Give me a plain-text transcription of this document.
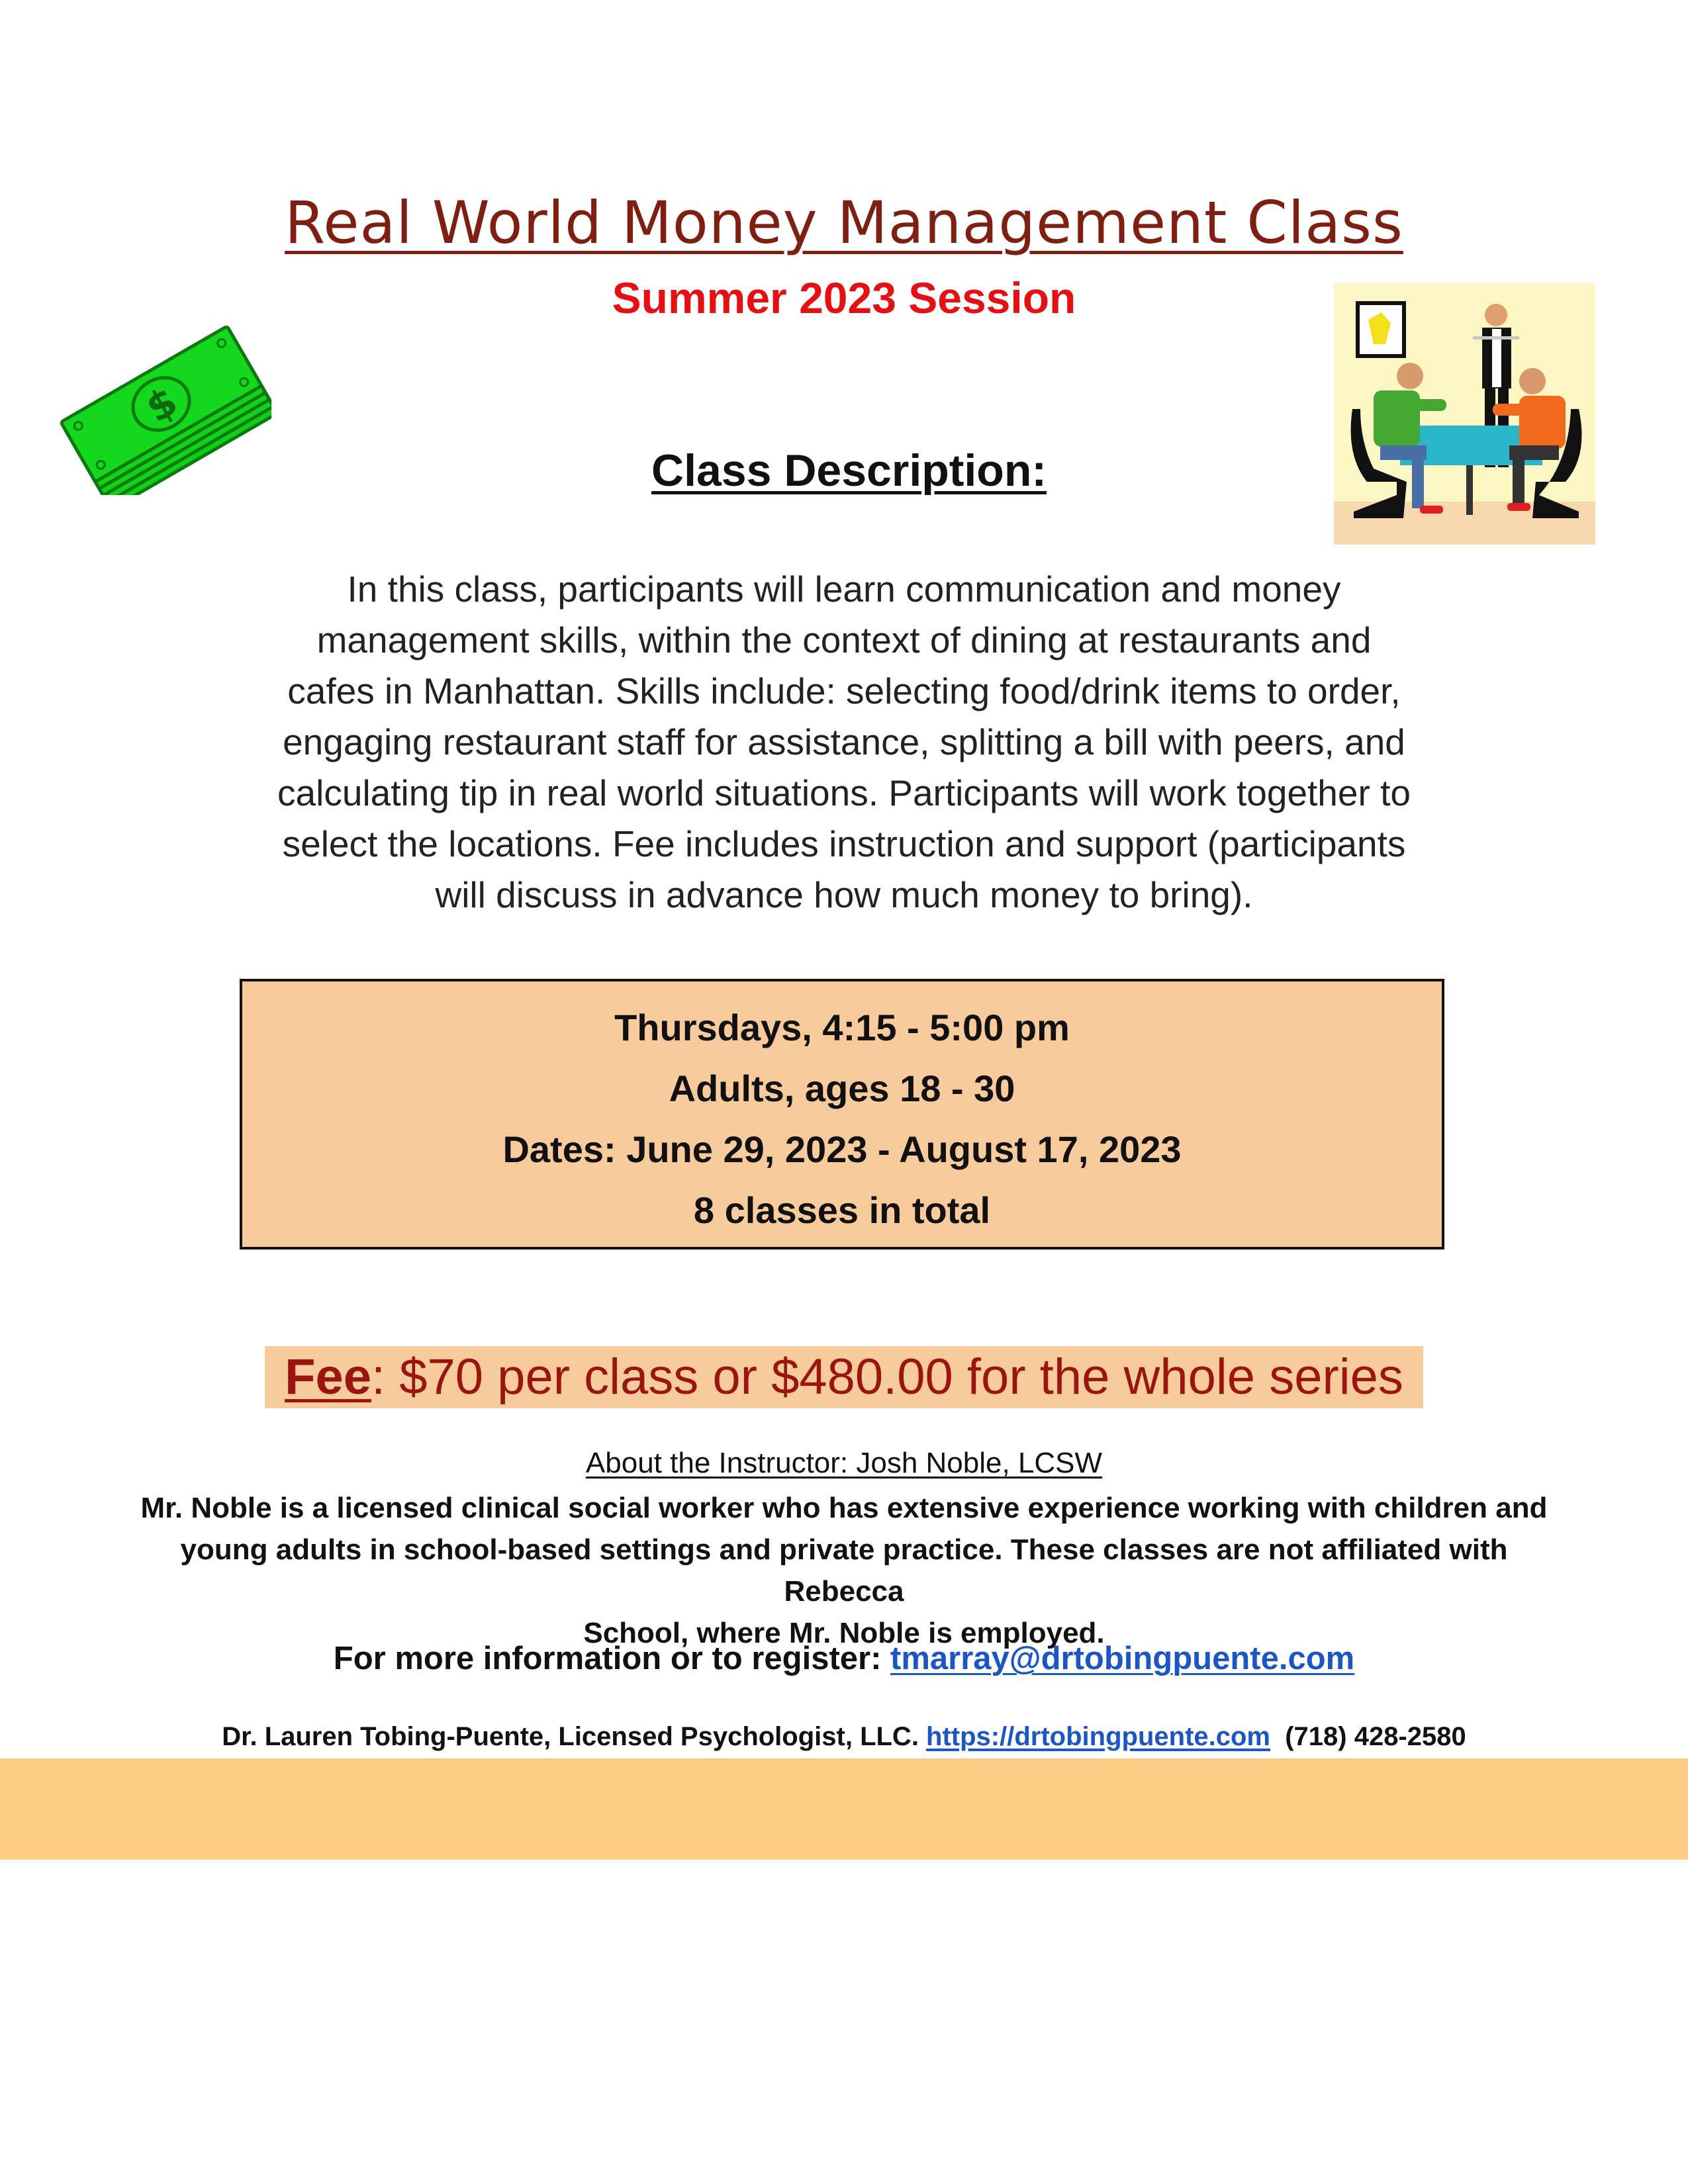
Real World Money Management Class
Summer 2023 Session
$
Class Description:
In this class, participants will learn communication and money
management skills, within the context of dining at restaurants and
cafes in Manhattan. Skills include: selecting food/drink items to order,
engaging restaurant staff for assistance, splitting a bill with peers, and
calculating tip in real world situations. Participants will work together to
select the locations. Fee includes instruction and support (participants
will discuss in advance how much money to bring).
Thursdays, 4:15 - 5:00 pm
Adults, ages 18 - 30
Dates: June 29, 2023 - August 17, 2023
8 classes in total
Fee: $70 per class or $480.00 for the whole series
About the Instructor: Josh Noble, LCSW
Mr. Noble is a licensed clinical social worker who has extensive experience working with children and
young adults in school-based settings and private practice. These classes are not affiliated with Rebecca
School, where Mr. Noble is employed.
For more information or to register: tmarray@drtobingpuente.com
Dr. Lauren Tobing-Puente, Licensed Psychologist, LLC. https://drtobingpuente.com (718) 428-2580
